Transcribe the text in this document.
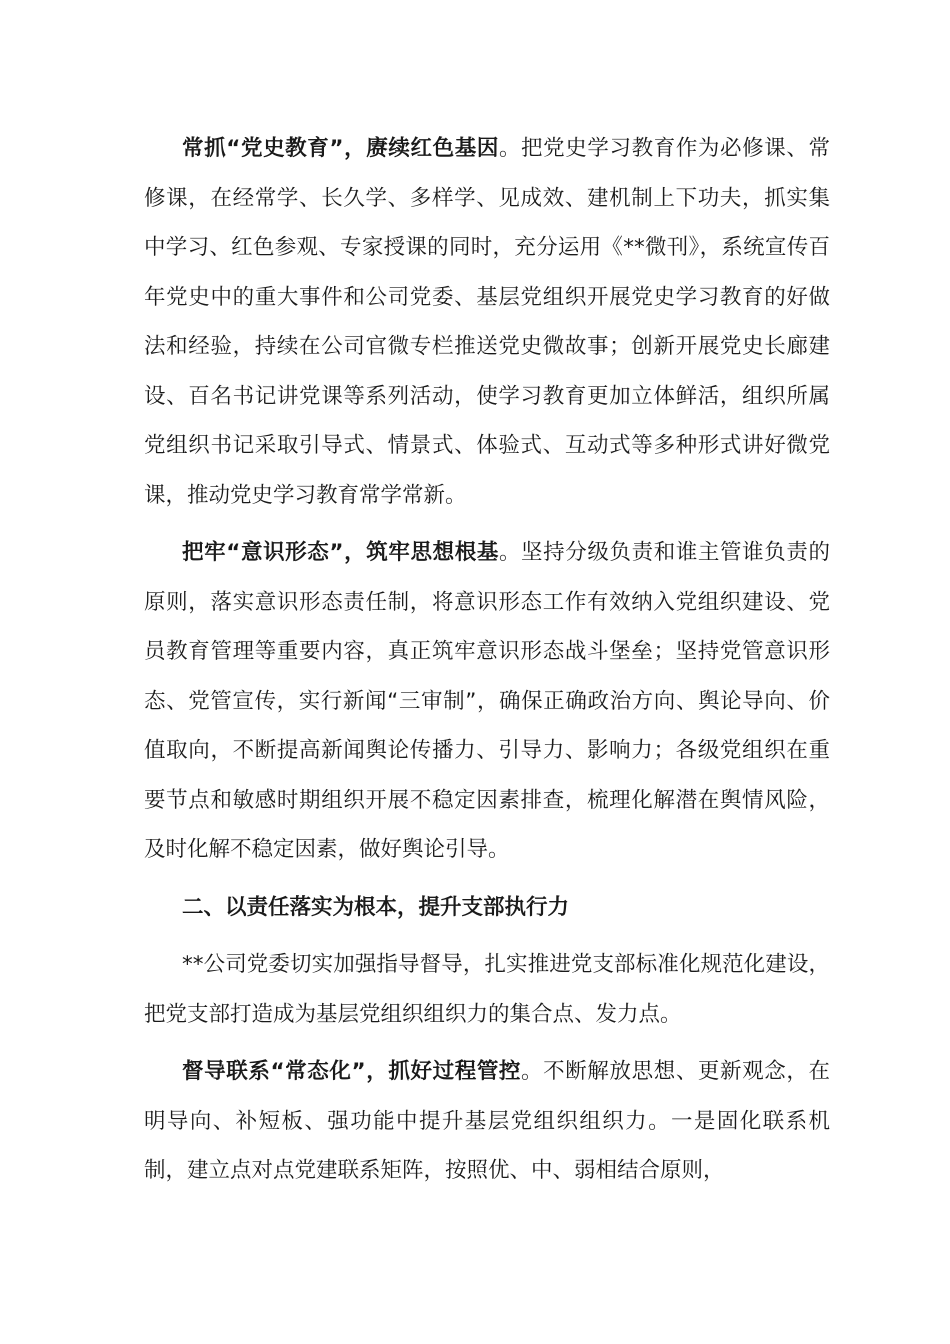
常抓“党史教育”，赓续红色基因。把党史学习教育作为必修课、常修课，在经常学、长久学、多样学、见成效、建机制上下功夫，抓实集中学习、红色参观、专家授课的同时，充分运用《**微刊》，系统宣传百年党史中的重大事件和公司党委、基层党组织开展党史学习教育的好做法和经验，持续在公司官微专栏推送党史微故事；创新开展党史长廊建设、百名书记讲党课等系列活动，使学习教育更加立体鲜活，组织所属党组织书记采取引导式、情景式、体验式、互动式等多种形式讲好微党课，推动党史学习教育常学常新。

把牢“意识形态”，筑牢思想根基。坚持分级负责和谁主管谁负责的原则，落实意识形态责任制，将意识形态工作有效纳入党组织建设、党员教育管理等重要内容，真正筑牢意识形态战斗堡垒；坚持党管意识形态、党管宣传，实行新闻“三审制”，确保正确政治方向、舆论导向、价值取向，不断提高新闻舆论传播力、引导力、影响力；各级党组织在重要节点和敏感时期组织开展不稳定因素排查，梳理化解潜在舆情风险，及时化解不稳定因素，做好舆论引导。

二、以责任落实为根本，提升支部执行力

**公司党委切实加强指导督导，扎实推进党支部标准化规范化建设，把党支部打造成为基层党组织组织力的集合点、发力点。

督导联系“常态化”，抓好过程管控。不断解放思想、更新观念，在明导向、补短板、强功能中提升基层党组织组织力。一是固化联系机制，建立点对点党建联系矩阵，按照优、中、弱相结合原则，
